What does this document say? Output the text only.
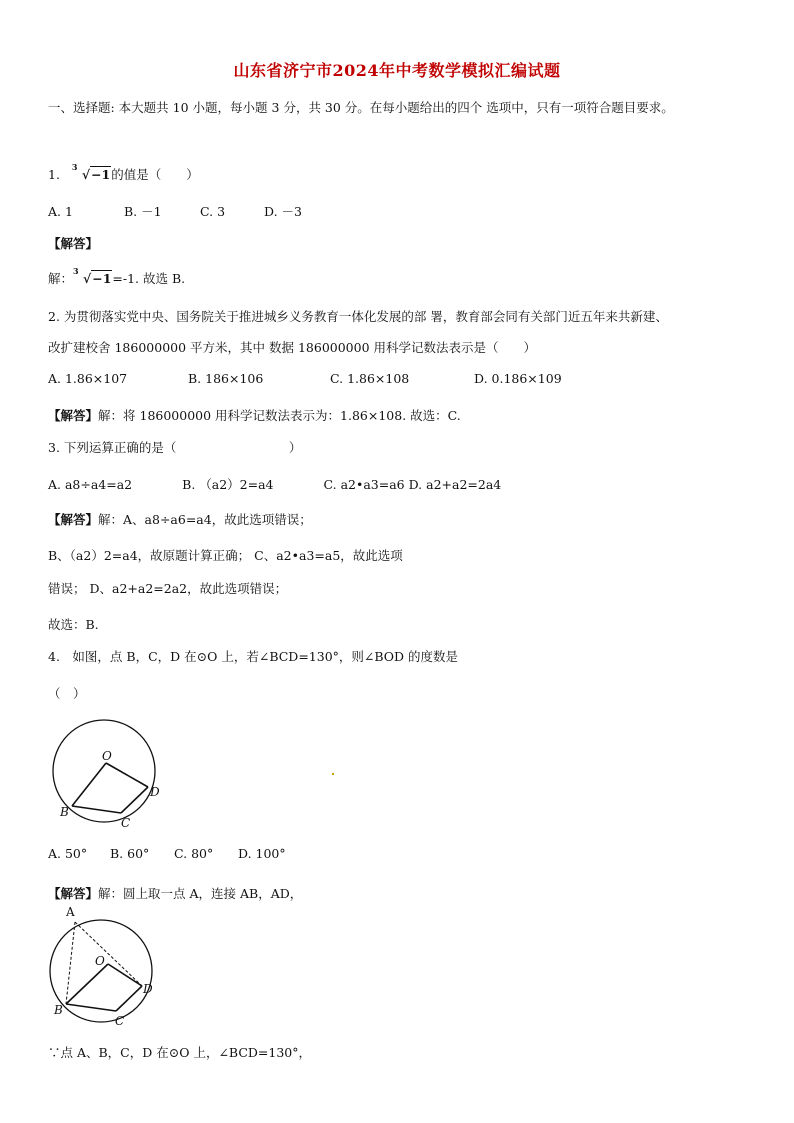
山东省济宁市2024年中考数学模拟汇编试题
一、选择题: 本大题共 10 小题，每小题 3 分，共 30 分。在每小题给出的四个 选项中，只有一项符合题目要求。
1. 3 √−1的值是（　　）
A. 1	B. －1	C. 3	D. －3
【解答】
解： 3 √−1=-1. 故选 B.
2. 为贯彻落实党中央、国务院关于推进城乡义务教育一体化发展的部 署，教育部会同有关部门近五年来共新建、
改扩建校舍 186000000 平方米，其中 数据 186000000 用科学记数法表示是（　　）
A. 1.86×107	B. 186×106	C. 1.86×108	D. 0.186×109
【解答】解：将 186000000 用科学记数法表示为：1.86×108. 故选：C.
3. 下列运算正确的是（　　　　　　　　　）
A. a8÷a4=a2　　　　B. （a2）2=a4　　　　C. a2•a3=a6 D. a2+a2=2a4
【解答】解：A、a8÷a6=a4，故此选项错误；
B、（a2）2=a4，故原题计算正确； C、a2•a3=a5，故此选项
错误； D、a2+a2=2a2，故此选项错误；
故选：B.
4.　如图，点 B，C，D 在⊙O 上，若∠BCD=130°，则∠BOD 的度数是
（　）
O
B
C
D
A. 50° B. 60° C. 80° D. 100°
【解答】解：圆上取一点 A，连接 AB，AD，
A
O
B
C
D
∵点 A、B，C，D 在⊙O 上，∠BCD=130°，
